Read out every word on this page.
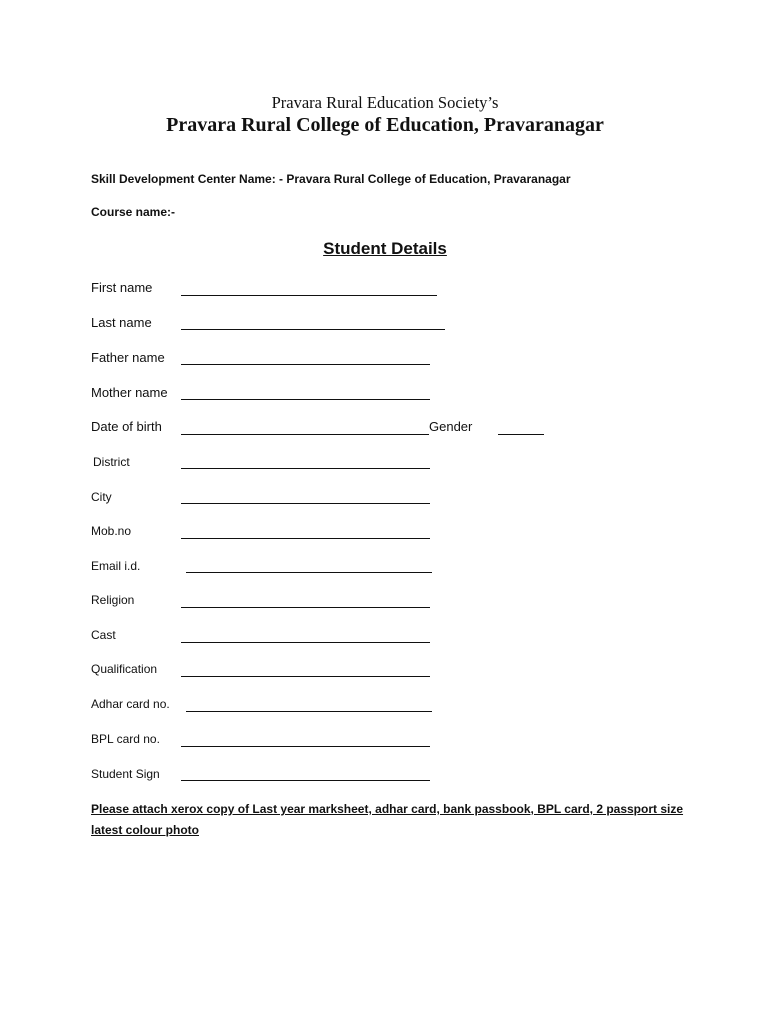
Pravara Rural Education Society’s
Pravara Rural College of Education, Pravaranagar
Skill Development Center Name: - Pravara Rural College of Education, Pravaranagar
Course name:-
Student Details
First name
Last name
Father name
Mother name
Date of birth	Gender
District
City
Mob.no
Email i.d.
Religion
Cast
Qualification
Adhar card no.
BPL card no.
Student Sign
Please attach xerox copy of Last year marksheet, adhar card, bank passbook, BPL card, 2 passport size
latest colour photo
